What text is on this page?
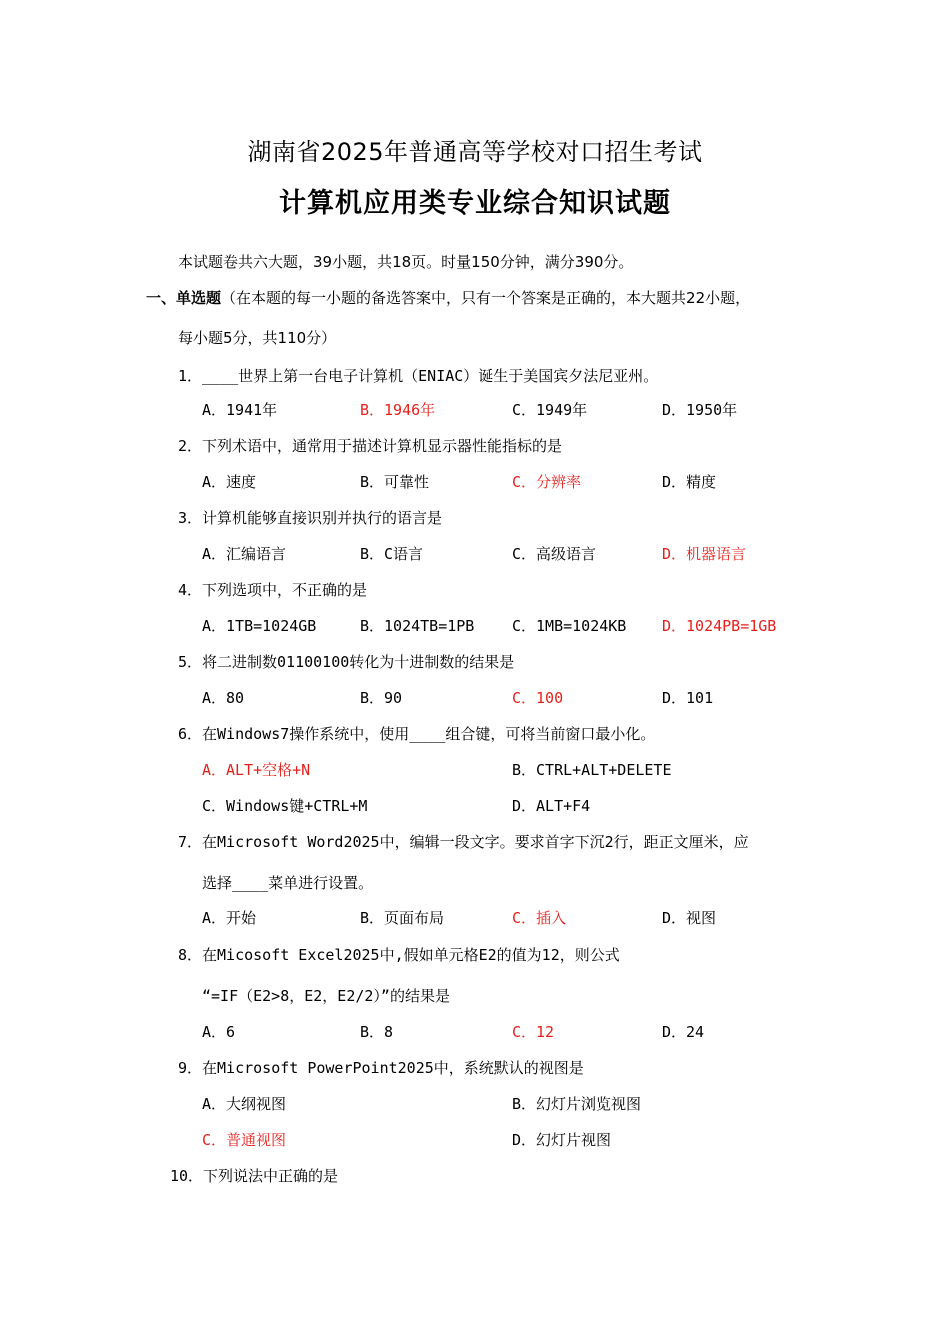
湖南省2025年普通高等学校对口招生考试
计算机应用类专业综合知识试题
本试题卷共六大题，39小题，共18页。时量150分钟，满分390分。
一、单选题（在本题的每一小题的备选答案中，只有一个答案是正确的，本大题共22小题，
每小题5分，共110分）
1．____世界上第一台电子计算机（ENIAC）诞生于美国宾夕法尼亚州。
A．1941年	B．1946年	C．1949年	D．1950年
2．下列术语中，通常用于描述计算机显示器性能指标的是
A．速度	B．可靠性	C．分辨率	D．精度
3．计算机能够直接识别并执行的语言是
A．汇编语言	B．C语言	C．高级语言	D．机器语言
4．下列选项中，不正确的是
A．1TB=1024GB	B．1024TB=1PB	C．1MB=1024KB D．1024PB=1GB
5．将二进制数01100100转化为十进制数的结果是
A．80	B．90	C．100	D．101
6．在Windows7操作系统中，使用____组合键，可将当前窗口最小化。
A．ALT+空格+N	B．CTRL+ALT+DELETE
C．Windows键+CTRL+M	D．ALT+F4
7．在Microsoft Word2025中，编辑一段文字。要求首字下沉2行，距正文厘米，应
选择____菜单进行设置。
A．开始	B．页面布局	C．插入	D．视图
8．在Micosoft Excel2025中,假如单元格E2的值为12，则公式
“=IF（E2>8，E2，E2/2）”的结果是
A．6	B．8	C．12	D．24
9．在Microsoft PowerPoint2025中，系统默认的视图是
A．大纲视图	B．幻灯片浏览视图
C．普通视图	D．幻灯片视图
10．下列说法中正确的是
